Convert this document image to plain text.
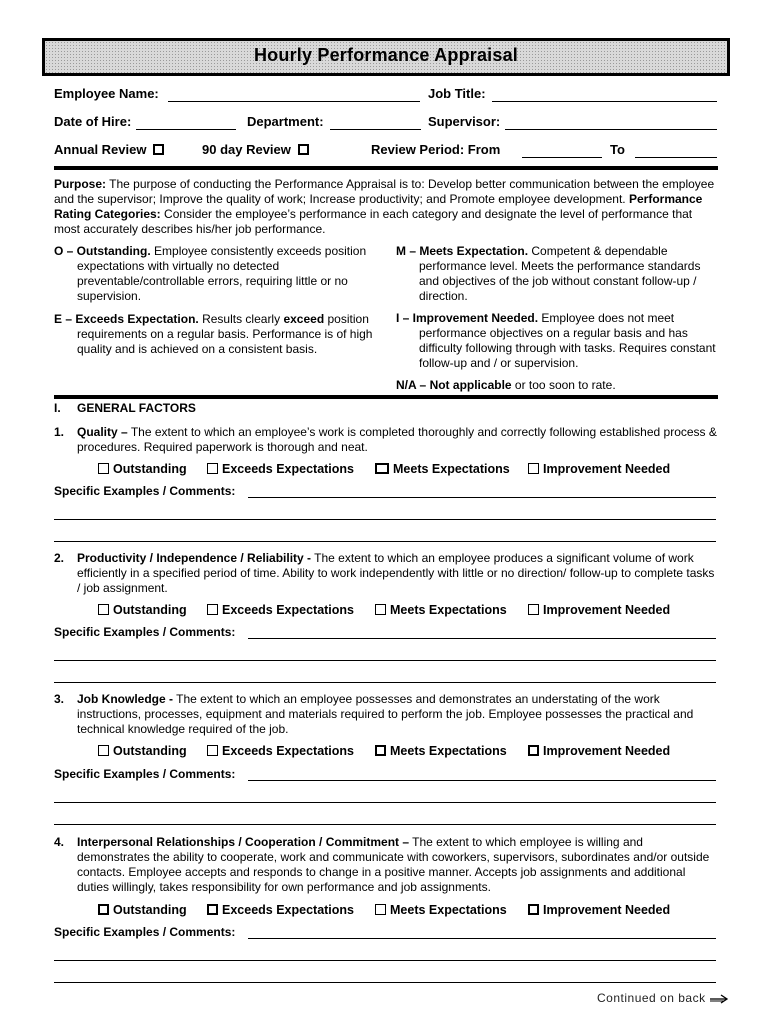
Hourly Performance Appraisal
Employee Name:	Job Title:
Date of Hire:	Department:	Supervisor:
Annual Review	90 day Review	Review Period: From	To
Purpose: The purpose of conducting the Performance Appraisal is to: Develop better communication between the employee and the supervisor; Improve the quality of work; Increase productivity; and Promote employee development. Performance Rating Categories: Consider the employee’s performance in each category and designate the level of performance that most accurately describes his/her job performance.
O – Outstanding. Employee consistently exceeds position expectations with virtually no detected preventable/controllable errors, requiring little or no supervision.
E – Exceeds Expectation. Results clearly exceed position requirements on a regular basis. Performance is of high quality and is achieved on a consistent basis.
M – Meets Expectation. Competent & dependable performance level. Meets the performance standards and objectives of the job without constant follow-up / direction.
I – Improvement Needed. Employee does not meet performance objectives on a regular basis and has difficulty following through with tasks. Requires constant follow-up and / or supervision.
N/A – Not applicable or too soon to rate.
I. GENERAL FACTORS
1. Quality – The extent to which an employee’s work is completed thoroughly and correctly following established process & procedures. Required paperwork is thorough and neat.
Outstanding	Exceeds Expectations	Meets Expectations	Improvement Needed
Specific Examples / Comments:
2. Productivity / Independence / Reliability - The extent to which an employee produces a significant volume of work efficiently in a specified period of time. Ability to work independently with little or no direction/ follow-up to complete tasks / job assignment.
Outstanding	Exceeds Expectations	Meets Expectations	Improvement Needed
Specific Examples / Comments:
3. Job Knowledge - The extent to which an employee possesses and demonstrates an understating of the work instructions, processes, equipment and materials required to perform the job. Employee possesses the practical and technical knowledge required of the job.
Outstanding	Exceeds Expectations	Meets Expectations	Improvement Needed
Specific Examples / Comments:
4. Interpersonal Relationships / Cooperation / Commitment – The extent to which employee is willing and demonstrates the ability to cooperate, work and communicate with coworkers, supervisors, subordinates and/or outside contacts. Employee accepts and responds to change in a positive manner. Accepts job assignments and additional duties willingly, takes responsibility for own performance and job assignments.
Outstanding	Exceeds Expectations	Meets Expectations	Improvement Needed
Specific Examples / Comments:
Continued on back
